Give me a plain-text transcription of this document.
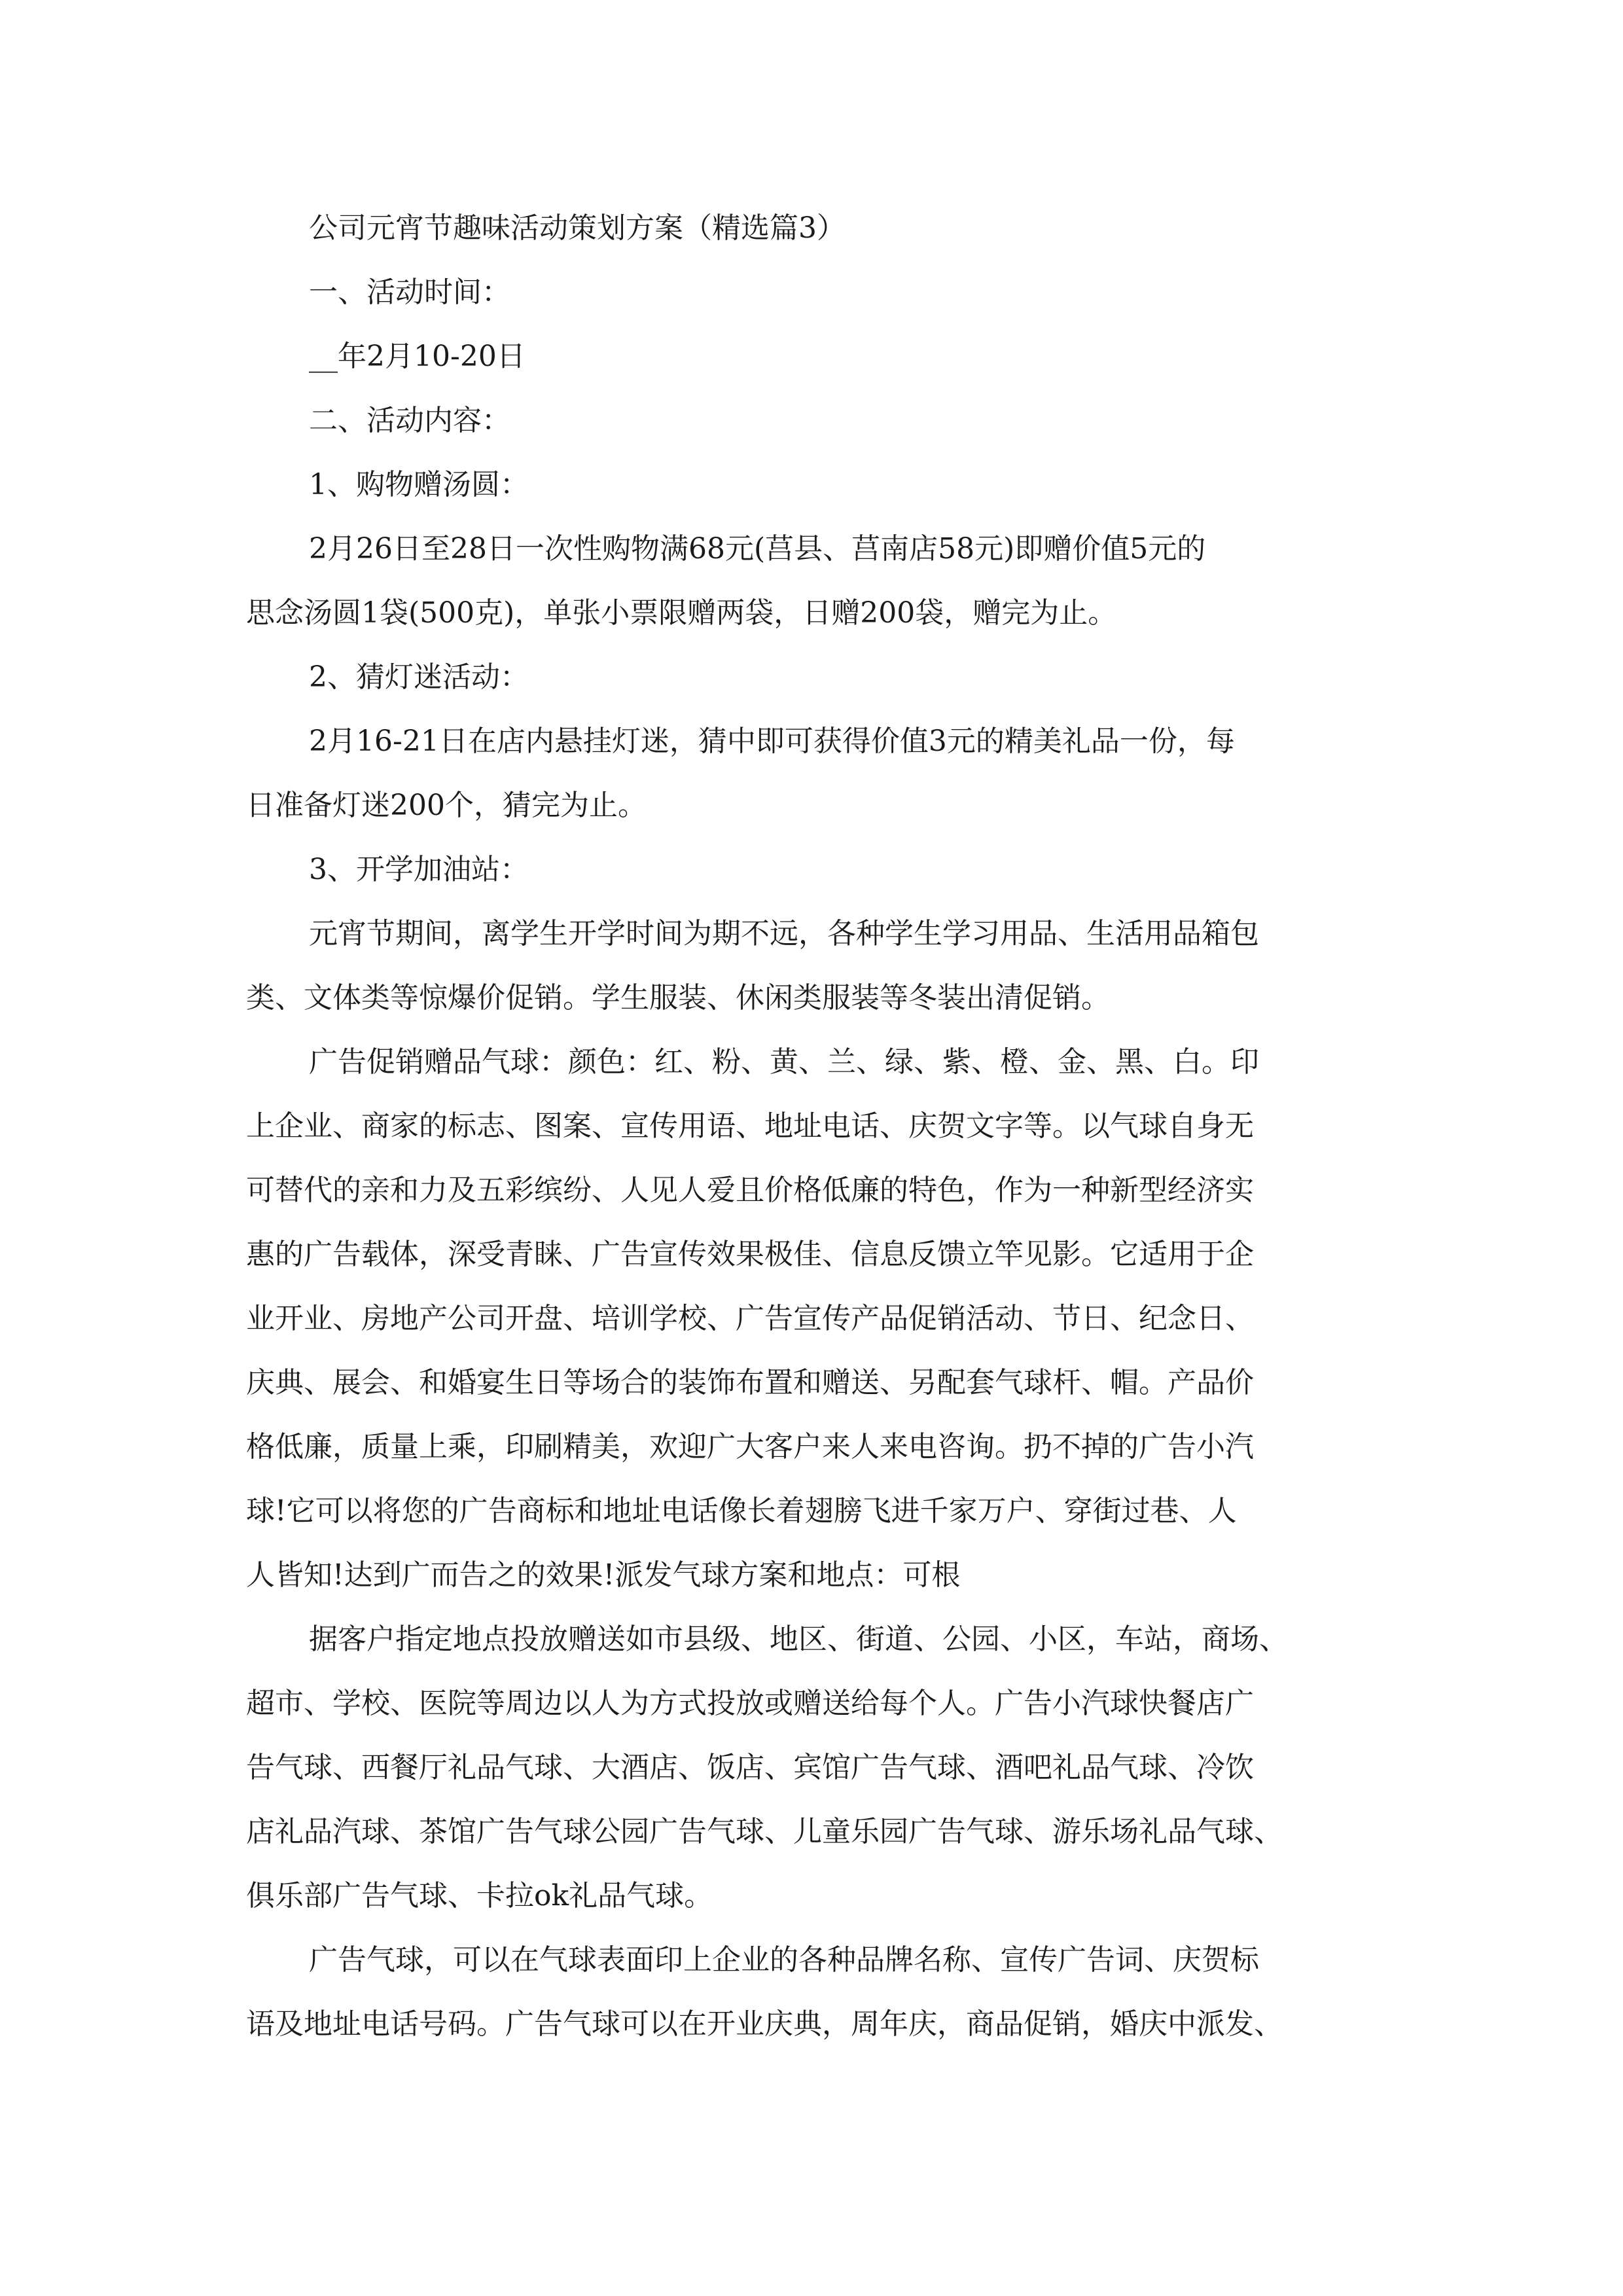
公司元宵节趣味活动策划方案（精选篇3）

一、活动时间：

__年2月10-20日

二、活动内容：

1、购物赠汤圆：

2月26日至28日一次性购物满68元(莒县、莒南店58元)即赠价值5元的

思念汤圆1袋(500克)，单张小票限赠两袋，日赠200袋，赠完为止。

2、猜灯迷活动：

2月16-21日在店内悬挂灯迷，猜中即可获得价值3元的精美礼品一份，每

日准备灯迷200个，猜完为止。

3、开学加油站：

元宵节期间，离学生开学时间为期不远，各种学生学习用品、生活用品箱包

类、文体类等惊爆价促销。学生服装、休闲类服装等冬装出清促销。

广告促销赠品气球：颜色：红、粉、黄、兰、绿、紫、橙、金、黑、白。印

上企业、商家的标志、图案、宣传用语、地址电话、庆贺文字等。以气球自身无

可替代的亲和力及五彩缤纷、人见人爱且价格低廉的特色，作为一种新型经济实

惠的广告载体，深受青睐、广告宣传效果极佳、信息反馈立竿见影。它适用于企

业开业、房地产公司开盘、培训学校、广告宣传产品促销活动、节日、纪念日、

庆典、展会、和婚宴生日等场合的装饰布置和赠送、另配套气球杆、帽。产品价

格低廉，质量上乘，印刷精美，欢迎广大客户来人来电咨询。扔不掉的广告小汽

球!它可以将您的广告商标和地址电话像长着翅膀飞进千家万户、穿街过巷、人

人皆知!达到广而告之的效果!派发气球方案和地点：可根

据客户指定地点投放赠送如市县级、地区、街道、公园、小区，车站，商场、

超市、学校、医院等周边以人为方式投放或赠送给每个人。广告小汽球快餐店广

告气球、西餐厅礼品气球、大酒店、饭店、宾馆广告气球、酒吧礼品气球、冷饮

店礼品汽球、茶馆广告气球公园广告气球、儿童乐园广告气球、游乐场礼品气球、

俱乐部广告气球、卡拉ok礼品气球。

广告气球，可以在气球表面印上企业的各种品牌名称、宣传广告词、庆贺标

语及地址电话号码。广告气球可以在开业庆典，周年庆，商品促销，婚庆中派发、
